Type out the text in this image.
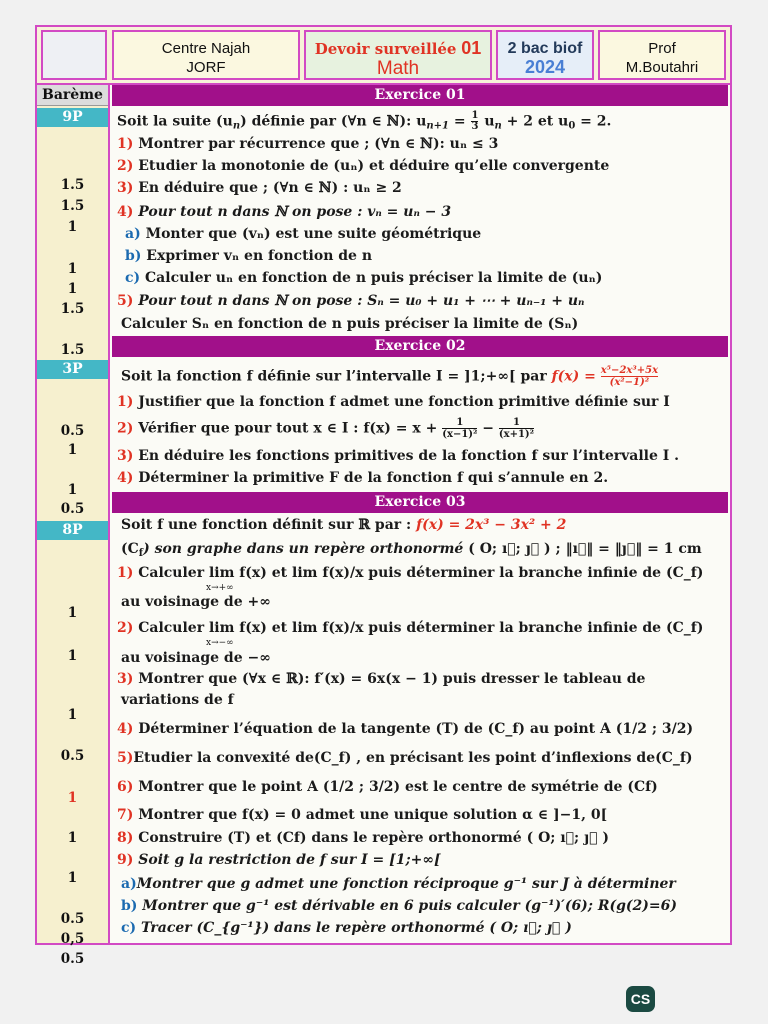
Centre Najah
JORF
Devoir surveillée 01
Math
2 bac biof
2024
Prof
M.Boutahri
Barème
9P
1.5
1.5
1
1
1
1.5
1.5
3P
0.5
1
1
0.5
8P
1
1
1
0.5
1
1
1
0.5
0,5
0.5
Exercice 01
Soit la suite $(u_n)$ définie par (∀n ∈ ℕ): $u_{n+1} = \frac{1}{3} u_n + 2$ et $u_0 = 2$.
1) Montrer par récurrence que ; (∀n ∈ ℕ): uₙ ≤ 3
2) Etudier la monotonie de (uₙ) et déduire qu’elle convergente
3) En déduire que ; (∀n ∈ ℕ) : uₙ ≥ 2
4) Pour tout n dans ℕ on pose : vₙ = uₙ − 3
a) Monter que (vₙ) est une suite géométrique
b) Exprimer vₙ en fonction de n
c) Calculer uₙ en fonction de n puis préciser la limite de (uₙ)
5) Pour tout n dans ℕ on pose : Sₙ = u₀ + u₁ + ⋯ + uₙ₋₁ + uₙ
Calculer Sₙ en fonction de n puis préciser la limite de (Sₙ)
Exercice 02
Soit la fonction f définie sur l’intervalle I = ]1;+∞[ par $f(x) = \frac{\text{x⁵−2x³+5x}}{\text{(x²−1)²}}$
1) Justifier que la fonction f admet une fonction primitive définie sur I
2) Vérifier que pour tout x ∈ I : $f(x) = x + \frac{1}{\text{(x−1)²}} - \frac{1}{\text{(x+1)²}}$
3) En déduire les fonctions primitives de la fonction f sur l’intervalle I .
4) Déterminer la primitive F de la fonction f qui s’annule en 2.
Exercice 03
Soit f une fonction définit sur ℝ par : f(x) = 2x³ − 3x² + 2
$(C_f)$ son graphe dans un repère orthonormé ( O; ı⃗; ȷ⃗ ) ; ‖ı⃗‖ = ‖ȷ⃗‖ = 1 cm
1) Calculer lim f(x) et lim f(x)/x puis déterminer la branche infinie de (C_f)
x→+∞
au voisinage de +∞
2) Calculer lim f(x) et lim f(x)/x puis déterminer la branche infinie de (C_f)
x→−∞
au voisinage de −∞
3) Montrer que (∀x ∈ ℝ): f′(x) = 6x(x − 1) puis dresser le tableau de
variations de f
4) Déterminer l’équation de la tangente (T) de (C_f) au point A (1/2 ; 3/2)
5)Etudier la convexité de(C_f) , en précisant les point d’inflexions de(C_f)
6) Montrer que le point A (1/2 ; 3/2) est le centre de symétrie de (Cf)
7) Montrer que f(x) = 0 admet une unique solution α ∈ ]−1, 0[
8) Construire (T) et (Cf) dans le repère orthonormé ( O; ı⃗; ȷ⃗ )
9) Soit g la restriction de f sur I = [1;+∞[
a)Montrer que g admet une fonction réciproque g⁻¹ sur J à déterminer
b) Montrer que g⁻¹ est dérivable en 6 puis calculer (g⁻¹)′(6); R(g(2)=6)
c) Tracer (C_{g⁻¹}) dans le repère orthonormé ( O; ı⃗; ȷ⃗ )
CS
